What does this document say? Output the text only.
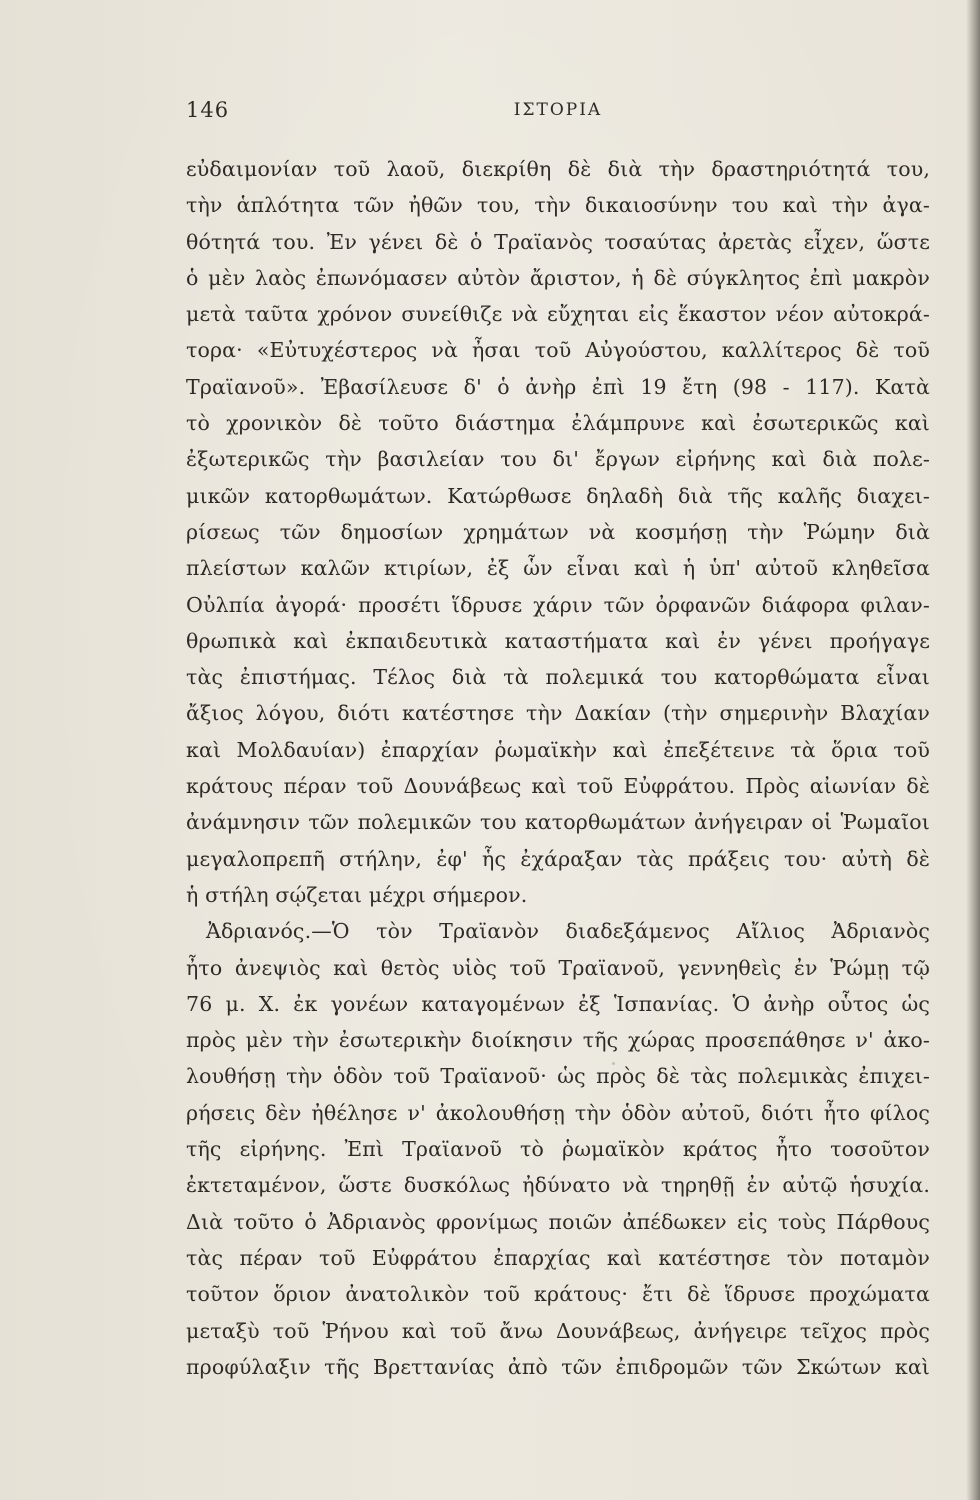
146	ΙΣΤΟΡΙΑ
εὐδαιμονίαν τοῦ λαοῦ, διεκρίθη δὲ διὰ τὴν δραστηριότητά του,
τὴν ἁπλότητα τῶν ἠθῶν του, τὴν δικαιοσύνην του καὶ τὴν ἀγα-
θότητά του. Ἐν γένει δὲ ὁ Τραϊανὸς τοσαύτας ἀρετὰς εἶχεν, ὥστε
ὁ μὲν λαὸς ἐπωνόμασεν αὐτὸν ἄριστον, ἡ δὲ σύγκλητος ἐπὶ μακρὸν
μετὰ ταῦτα χρόνον συνείθιζε νὰ εὔχηται εἰς ἕκαστον νέον αὐτοκρά-
τορα· «Εὐτυχέστερος νὰ ἦσαι τοῦ Αὐγούστου, καλλίτερος δὲ τοῦ
Τραϊανοῦ». Ἐβασίλευσε δ' ὁ ἀνὴρ ἐπὶ 19 ἔτη (98 - 117). Κατὰ
τὸ χρονικὸν δὲ τοῦτο διάστημα ἐλάμπρυνε καὶ ἐσωτερικῶς καὶ
ἐξωτερικῶς τὴν βασιλείαν του δι' ἔργων εἰρήνης καὶ διὰ πολε-
μικῶν κατορθωμάτων. Κατώρθωσε δηλαδὴ διὰ τῆς καλῆς διαχει-
ρίσεως τῶν δημοσίων χρημάτων νὰ κοσμήσῃ τὴν Ῥώμην διὰ
πλείστων καλῶν κτιρίων, ἐξ ὧν εἶναι καὶ ἡ ὑπ' αὐτοῦ κληθεῖσα
Οὐλπία ἀγορά· προσέτι ἵδρυσε χάριν τῶν ὀρφανῶν διάφορα φιλαν-
θρωπικὰ καὶ ἐκπαιδευτικὰ καταστήματα καὶ ἐν γένει προήγαγε
τὰς ἐπιστήμας. Τέλος διὰ τὰ πολεμικά του κατορθώματα εἶναι
ἄξιος λόγου, διότι κατέστησε τὴν Δακίαν (τὴν σημερινὴν Βλαχίαν
καὶ Μολδαυίαν) ἐπαρχίαν ῥωμαϊκὴν καὶ ἐπεξέτεινε τὰ ὅρια τοῦ
κράτους πέραν τοῦ Δουνάβεως καὶ τοῦ Εὐφράτου. Πρὸς αἰωνίαν δὲ
ἀνάμνησιν τῶν πολεμικῶν του κατορθωμάτων ἀνήγειραν οἱ Ῥωμαῖοι
μεγαλοπρεπῆ στήλην, ἐφ' ἧς ἐχάραξαν τὰς πράξεις του· αὐτὴ δὲ
ἡ στήλη σῴζεται μέχρι σήμερον.
Ἀδριανός.—Ὁ τὸν Τραϊανὸν διαδεξάμενος Αἴλιος Ἀδριανὸς
ἦτο ἀνεψιὸς καὶ θετὸς υἱὸς τοῦ Τραϊανοῦ, γεννηθεὶς ἐν Ῥώμῃ τῷ
76 μ. Χ. ἐκ γονέων καταγομένων ἐξ Ἱσπανίας. Ὁ ἀνὴρ οὗτος ὡς
πρὸς μὲν τὴν ἐσωτερικὴν διοίκησιν τῆς χώρας προσεπάθησε ν' ἀκο-
λουθήσῃ τὴν ὁδὸν τοῦ Τραϊανοῦ· ὡς πρὸς δὲ τὰς πολεμικὰς ἐπιχει-
ρήσεις δὲν ἠθέλησε ν' ἀκολουθήσῃ τὴν ὁδὸν αὐτοῦ, διότι ἦτο φίλος
τῆς εἰρήνης. Ἐπὶ Τραϊανοῦ τὸ ῥωμαϊκὸν κράτος ἦτο τοσοῦτον
ἐκτεταμένον, ὥστε δυσκόλως ἠδύνατο νὰ τηρηθῇ ἐν αὐτῷ ἡσυχία.
Διὰ τοῦτο ὁ Ἀδριανὸς φρονίμως ποιῶν ἀπέδωκεν εἰς τοὺς Πάρθους
τὰς πέραν τοῦ Εὐφράτου ἐπαρχίας καὶ κατέστησε τὸν ποταμὸν
τοῦτον ὅριον ἀνατολικὸν τοῦ κράτους· ἔτι δὲ ἵδρυσε προχώματα
μεταξὺ τοῦ Ῥήνου καὶ τοῦ ἄνω Δουνάβεως, ἀνήγειρε τεῖχος πρὸς
προφύλαξιν τῆς Βρεττανίας ἀπὸ τῶν ἐπιδρομῶν τῶν Σκώτων καὶ
